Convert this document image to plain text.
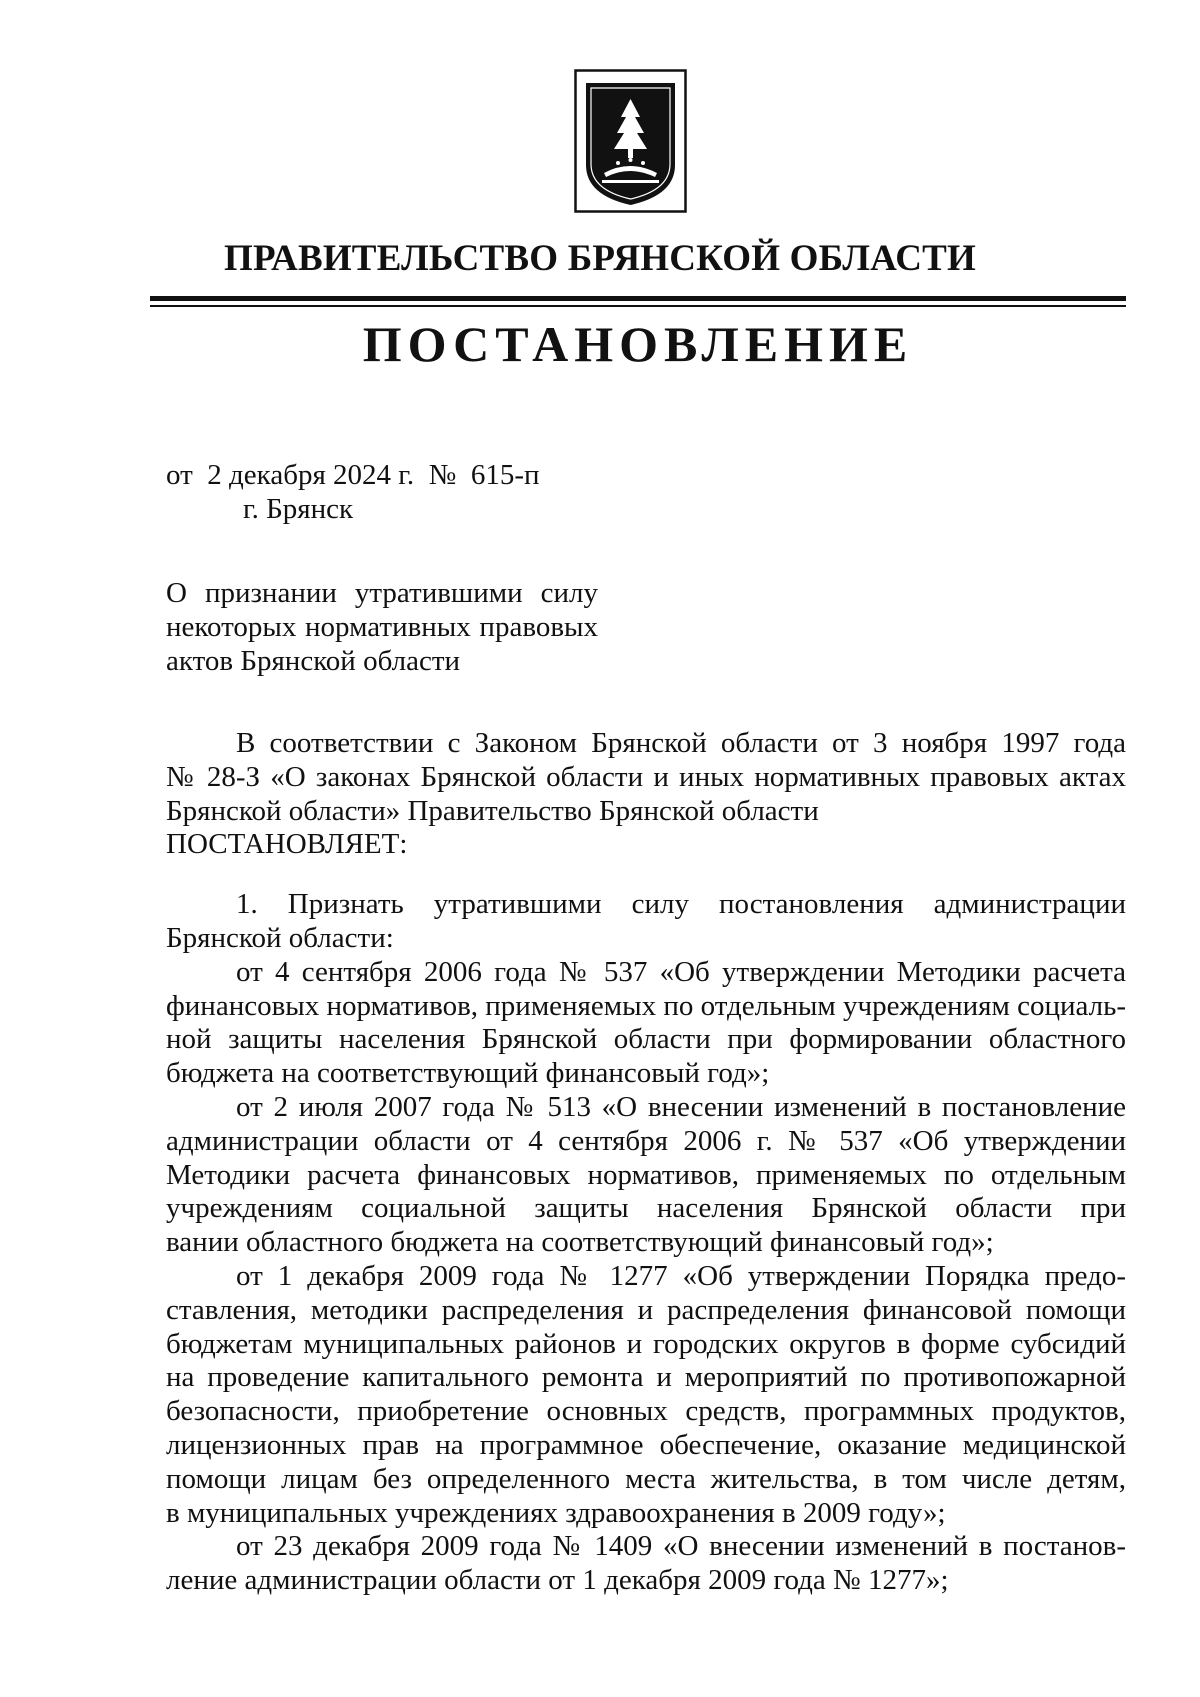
ПРАВИТЕЛЬСТВО БРЯНСКОЙ ОБЛАСТИ
ПОСТАНОВЛЕНИЕ
от  2 декабря 2024 г.  №  615-п
г. Брянск
О признании утратившими силу
некоторых нормативных правовых
актов Брянской области
В соответствии с Законом Брянской области от 3 ноября 1997 года
№ 28-З «О законах Брянской области и иных нормативных правовых актах
Брянской области» Правительство Брянской области
ПОСТАНОВЛЯЕТ:
1. Признать утратившими силу постановления администрации
Брянской области:
от 4 сентября 2006 года № 537 «Об утверждении Методики расчета
финансовых нормативов, применяемых по отдельным учреждениям социаль-
ной защиты населения Брянской области при формировании областного
бюджета на соответствующий финансовый год»;
от 2 июля 2007 года № 513 «О внесении изменений в постановление
администрации области от 4 сентября 2006 г. № 537 «Об утверждении
Методики расчета финансовых нормативов, применяемых по отдельным
учреждениям социальной защиты населения Брянской области при
вании областного бюджета на соответствующий финансовый год»;
от 1 декабря 2009 года № 1277 «Об утверждении Порядка предо-
ставления, методики распределения и распределения финансовой помощи
бюджетам муниципальных районов и городских округов в форме субсидий
на проведение капитального ремонта и мероприятий по противопожарной
безопасности, приобретение основных средств, программных продуктов,
лицензионных прав на программное обеспечение, оказание медицинской
помощи лицам без определенного места жительства, в том числе детям,
в муниципальных учреждениях здравоохранения в 2009 году»;
от 23 декабря 2009 года № 1409 «О внесении изменений в постанов-
ление администрации области от 1 декабря 2009 года № 1277»;
